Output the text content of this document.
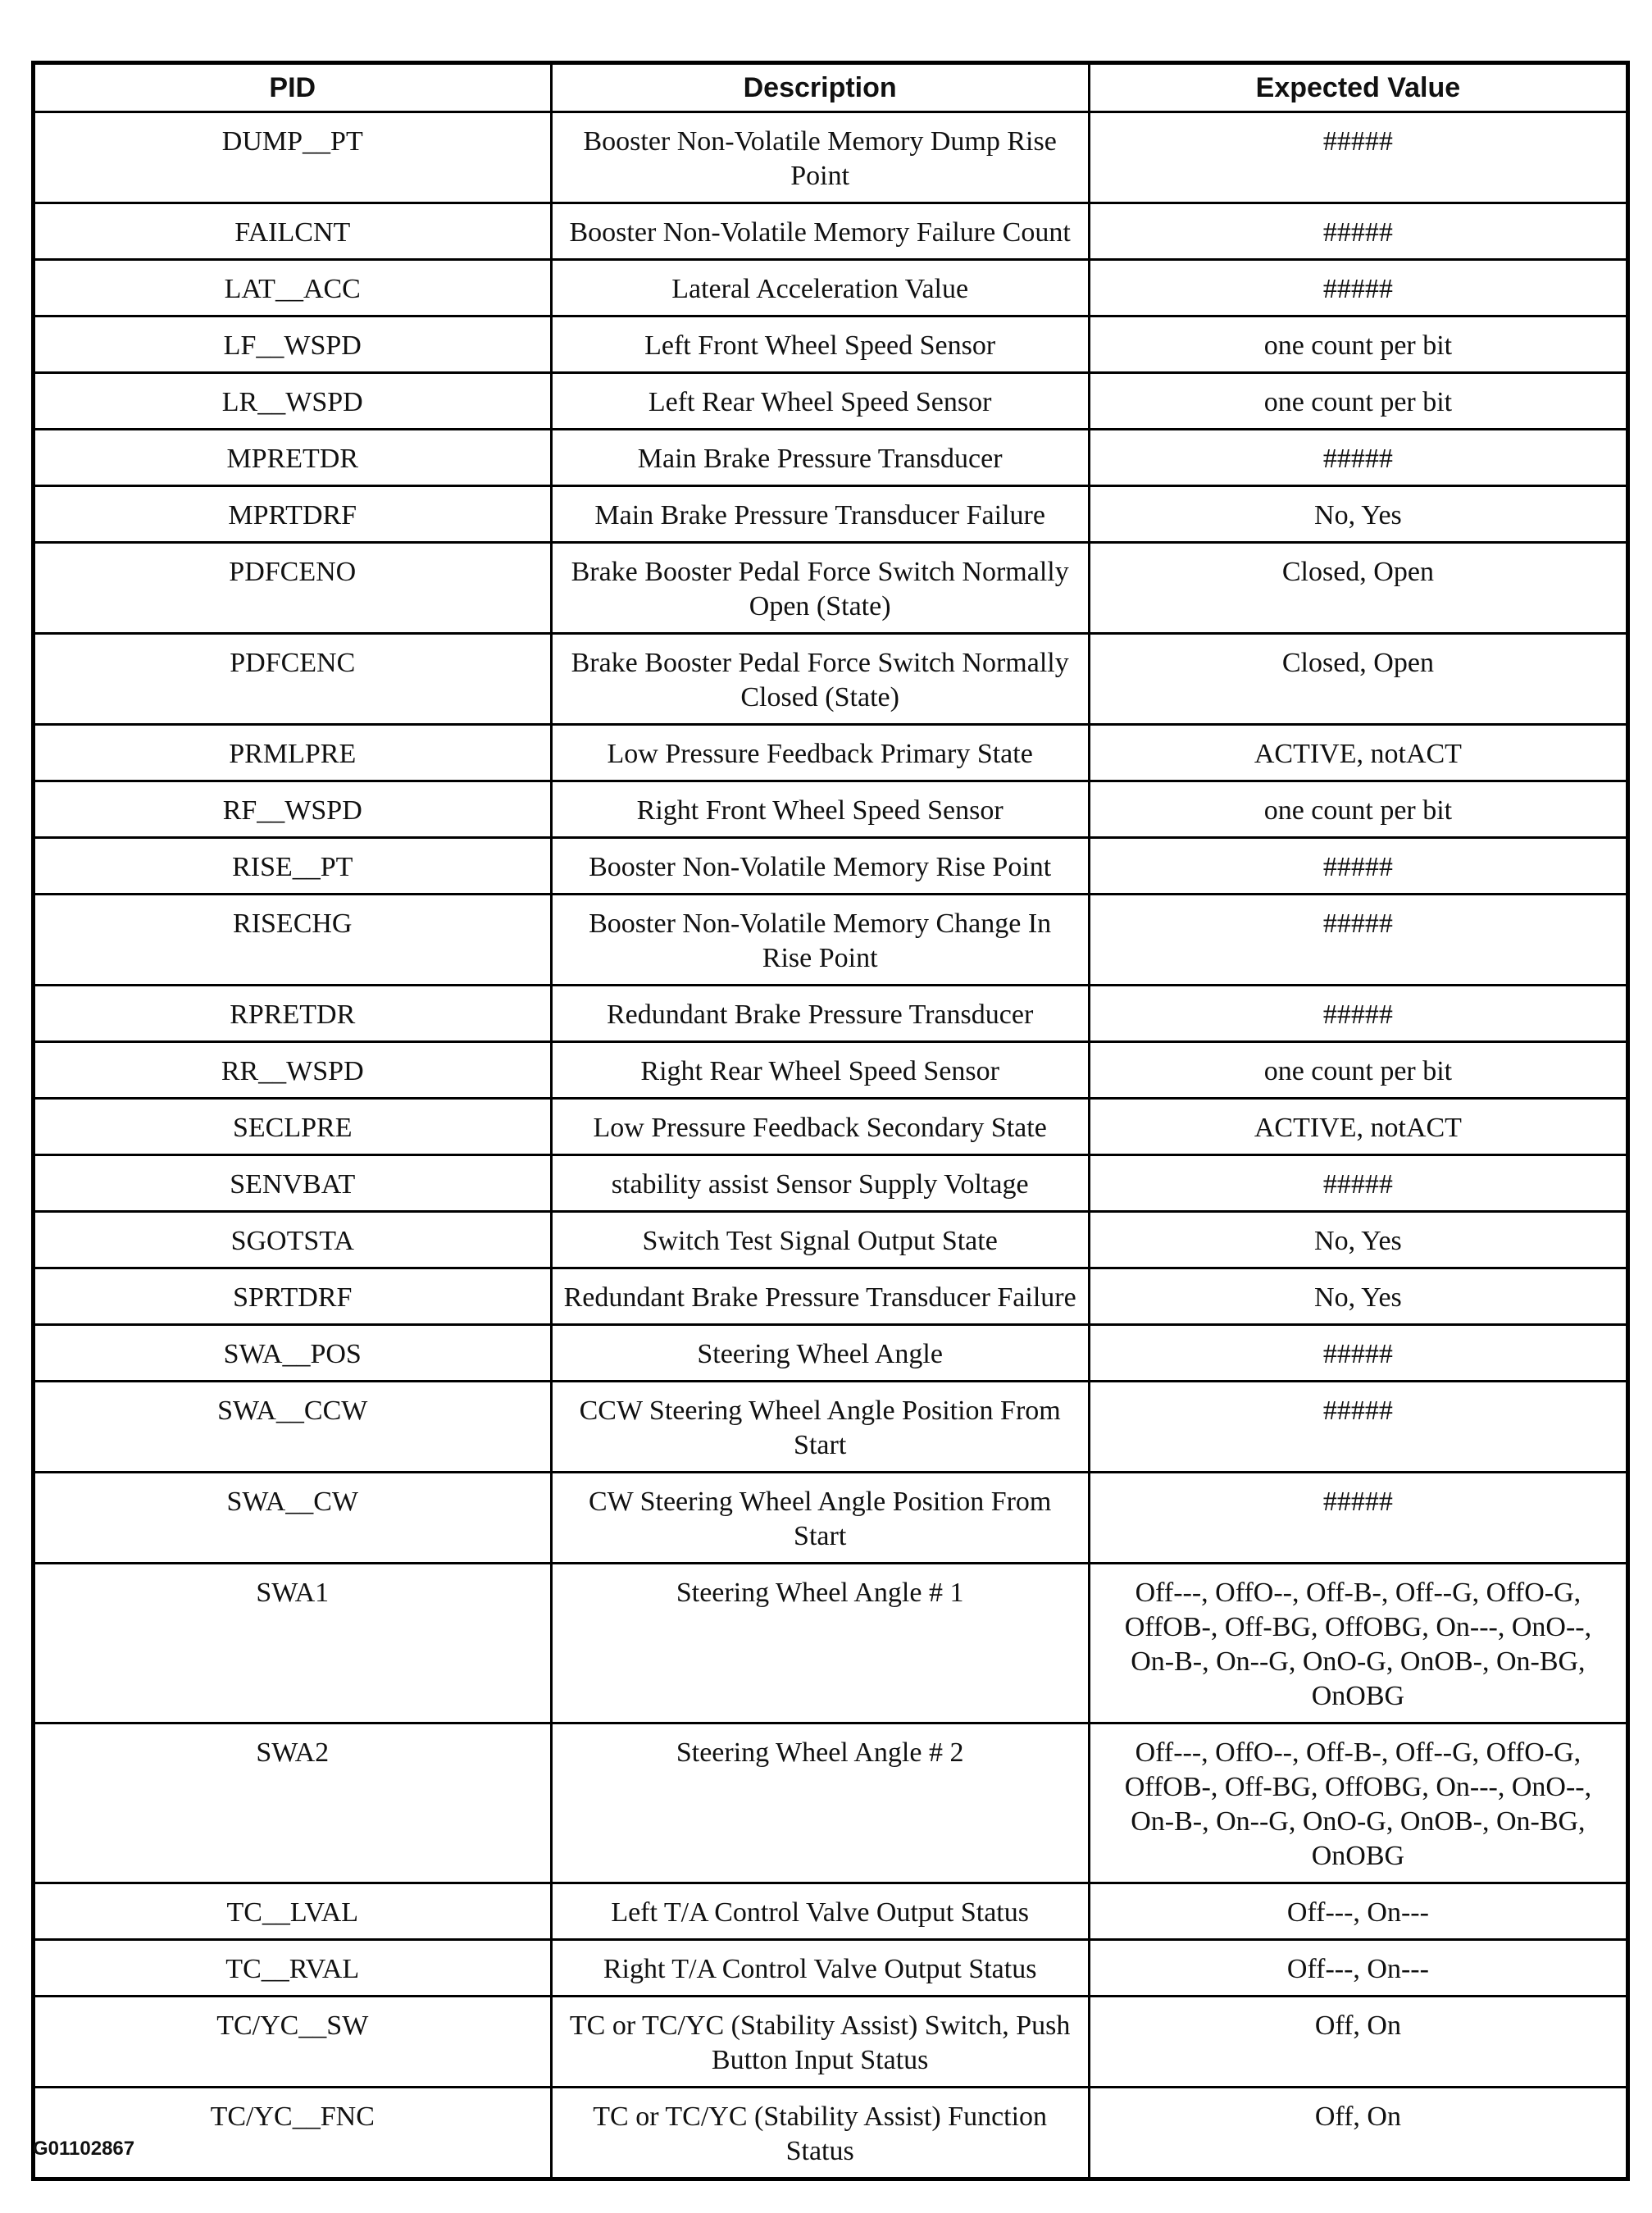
PID	Description	Expected Value
DUMP__PT	Booster Non-Volatile Memory Dump Rise Point	#####
FAILCNT	Booster Non-Volatile Memory Failure Count	#####
LAT__ACC	Lateral Acceleration Value	#####
LF__WSPD	Left Front Wheel Speed Sensor	one count per bit
LR__WSPD	Left Rear Wheel Speed Sensor	one count per bit
MPRETDR	Main Brake Pressure Transducer	#####
MPRTDRF	Main Brake Pressure Transducer Failure	No, Yes
PDFCENO	Brake Booster Pedal Force Switch Normally Open (State)	Closed, Open
PDFCENC	Brake Booster Pedal Force Switch Normally Closed (State)	Closed, Open
PRMLPRE	Low Pressure Feedback Primary State	ACTIVE, notACT
RF__WSPD	Right Front Wheel Speed Sensor	one count per bit
RISE__PT	Booster Non-Volatile Memory Rise Point	#####
RISECHG	Booster Non-Volatile Memory Change In Rise Point	#####
RPRETDR	Redundant Brake Pressure Transducer	#####
RR__WSPD	Right Rear Wheel Speed Sensor	one count per bit
SECLPRE	Low Pressure Feedback Secondary State	ACTIVE, notACT
SENVBAT	stability assist Sensor Supply Voltage	#####
SGOTSTA	Switch Test Signal Output State	No, Yes
SPRTDRF	Redundant Brake Pressure Transducer Failure	No, Yes
SWA__POS	Steering Wheel Angle	#####
SWA__CCW	CCW Steering Wheel Angle Position From Start	#####
SWA__CW	CW Steering Wheel Angle Position From Start	#####
SWA1	Steering Wheel Angle # 1	Off---, OffO--, Off-B-, Off--G, OffO-G, OffOB-, Off-BG, OffOBG, On---, OnO--, On-B-, On--G, OnO-G, OnOB-, On-BG, OnOBG
SWA2	Steering Wheel Angle # 2	Off---, OffO--, Off-B-, Off--G, OffO-G, OffOB-, Off-BG, OffOBG, On---, OnO--, On-B-, On--G, OnO-G, OnOB-, On-BG, OnOBG
TC__LVAL	Left T/A Control Valve Output Status	Off---, On---
TC__RVAL	Right T/A Control Valve Output Status	Off---, On---
TC/YC__SW	TC or TC/YC (Stability Assist) Switch, Push Button Input Status	Off, On
TC/YC__FNC	TC or TC/YC (Stability Assist) Function Status	Off, On
G01102867
